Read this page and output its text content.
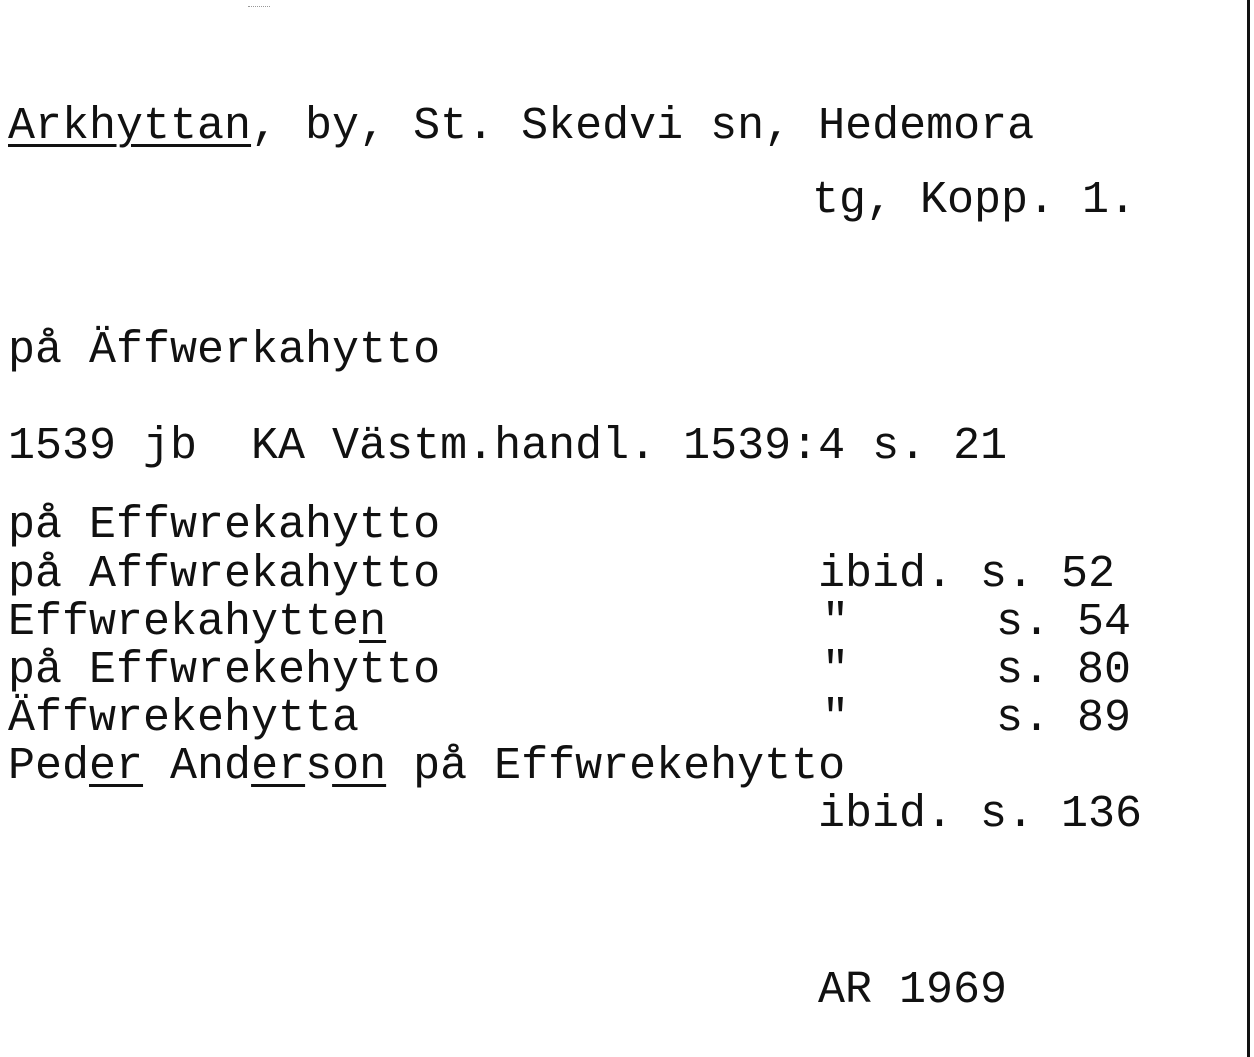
Arkhyttan, by, St. Skedvi sn, Hedemora
tg, Kopp. 1.
på Äffwerkahytto
1539 jb  KA Västm.handl. 1539:4 s. 21
på Effwrekahytto
på Affwrekahytto	ibid. s. 52
Effwrekahytten	"	s. 54
på Effwrekehytto	"	s. 80
Äffwrekehytta	"	s. 89
Peder Anderson på Effwrekehytto
ibid. s. 136
AR 1969
